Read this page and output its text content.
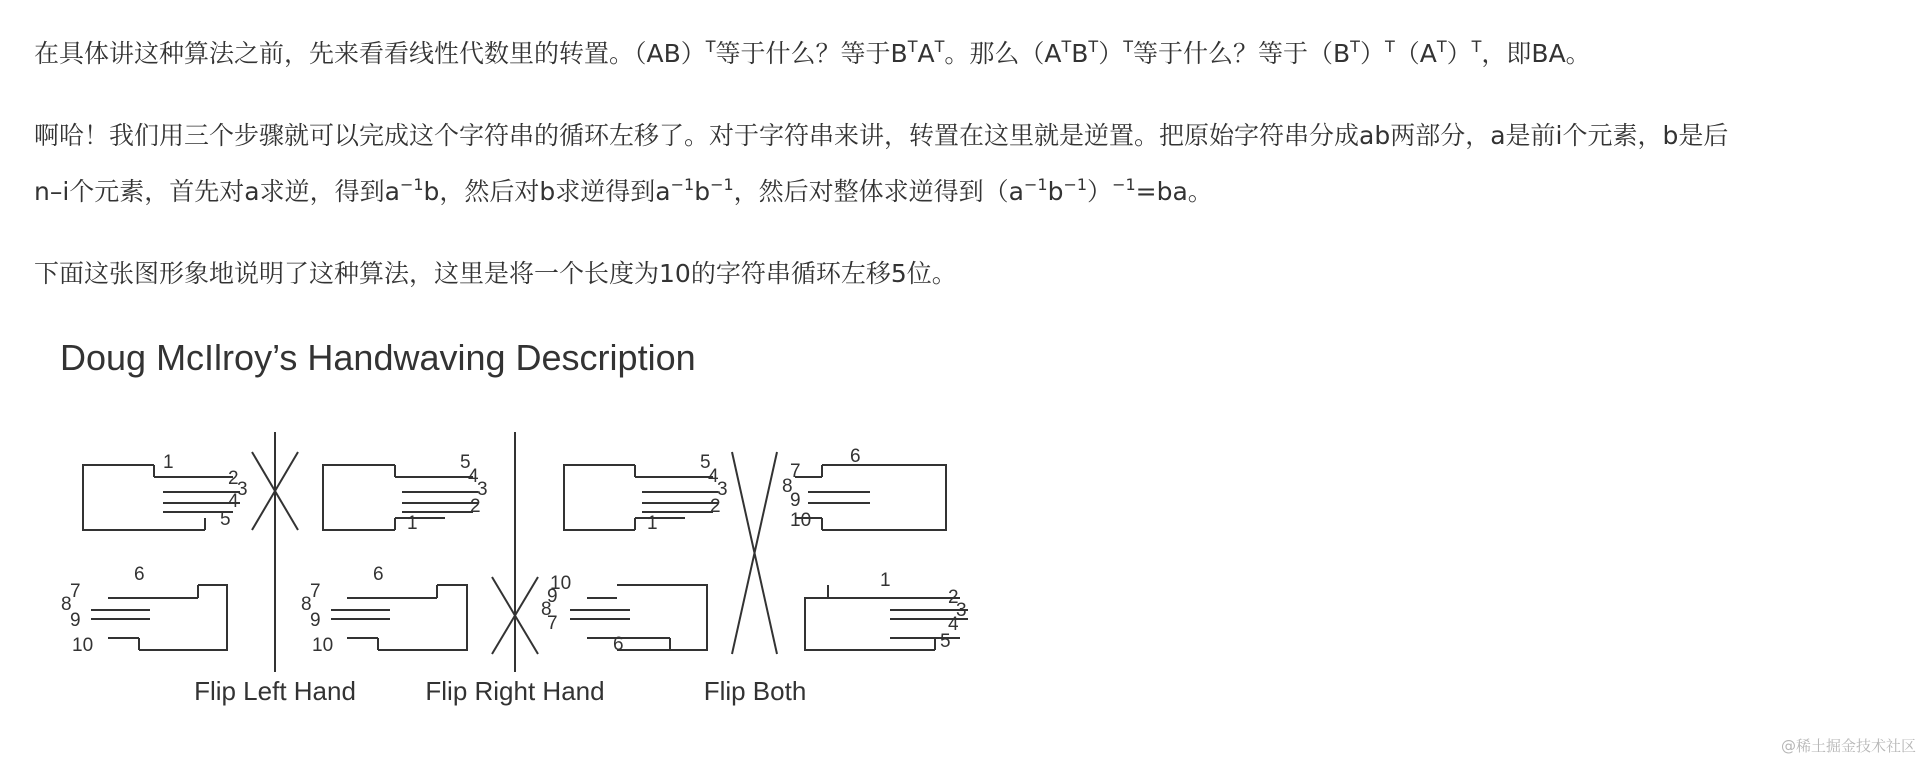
在具体讲这种算法之前，先来看看线性代数里的转置。（AB）$^T$等于什么？等于$B^TA^T$。那么$(A^TB^T)^T$等于什么？等于$(B^T)^T(A^T)^T$，即BA。

啊哈！我们用三个步骤就可以完成这个字符串的循环左移了。对于字符串来讲，转置在这里就是逆置。把原始字符串分成ab两部分，a是前i个元素，b是后
n–i个元素，首先对a求逆，得到$a^{-1}b$，然后对b求逆得到$a^{-1}b^{-1}$，然后对整体求逆得到$(a^{-1}b^{-1})^{-1}=ba$。

下面这张图形象地说明了这种算法，这里是将一个长度为10的字符串循环左移5位。

Doug McIlroy’s Handwaving Description
1
2
3
4
5
6
7
8
9
10
5
4
3
2
1
6
7
8
9
10
5
4
3
2
1
10
9
8
7
6
6
7
8
9
10
1
2
3
4
5
Flip Left Hand	Flip Right Hand	Flip Both
@稀土掘金技术社区
